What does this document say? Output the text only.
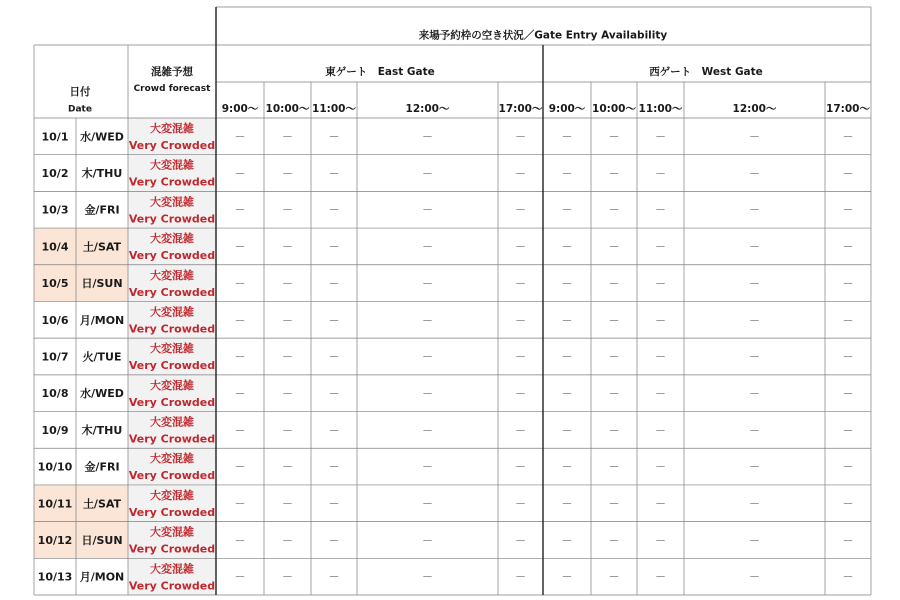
来場予約枠の空き状況／Gate Entry Availability
日付
Date
混雑予想
Crowd forecast
東ゲート　East Gate	西ゲート　West Gate
9:00〜 10:00〜 11:00〜	12:00〜	17:00〜 9:00〜 10:00〜 11:00〜	12:00〜	17:00〜
10/1 水/WED
大変混雑
Very Crowded
－	－	－	－	－	－	－	－	－	－
10/2 木/THU
大変混雑
Very Crowded
－	－	－	－	－	－	－	－	－	－
10/3 金/FRI
大変混雑
Very Crowded
－	－	－	－	－	－	－	－	－	－
10/4 土/SAT
大変混雑
Very Crowded
－	－	－	－	－	－	－	－	－	－
10/5 日/SUN
大変混雑
Very Crowded
－	－	－	－	－	－	－	－	－	－
10/6 月/MON
大変混雑
Very Crowded
－	－	－	－	－	－	－	－	－	－
10/7 火/TUE
大変混雑
Very Crowded
－	－	－	－	－	－	－	－	－	－
10/8 水/WED
大変混雑
Very Crowded
－	－	－	－	－	－	－	－	－	－
10/9 木/THU
大変混雑
Very Crowded
－	－	－	－	－	－	－	－	－	－
10/10 金/FRI
大変混雑
Very Crowded
－	－	－	－	－	－	－	－	－	－
10/11 土/SAT
大変混雑
Very Crowded
－	－	－	－	－	－	－	－	－	－
10/12 日/SUN
大変混雑
Very Crowded
－	－	－	－	－	－	－	－	－	－
10/13 月/MON
大変混雑
Very Crowded
－	－	－	－	－	－	－	－	－	－
